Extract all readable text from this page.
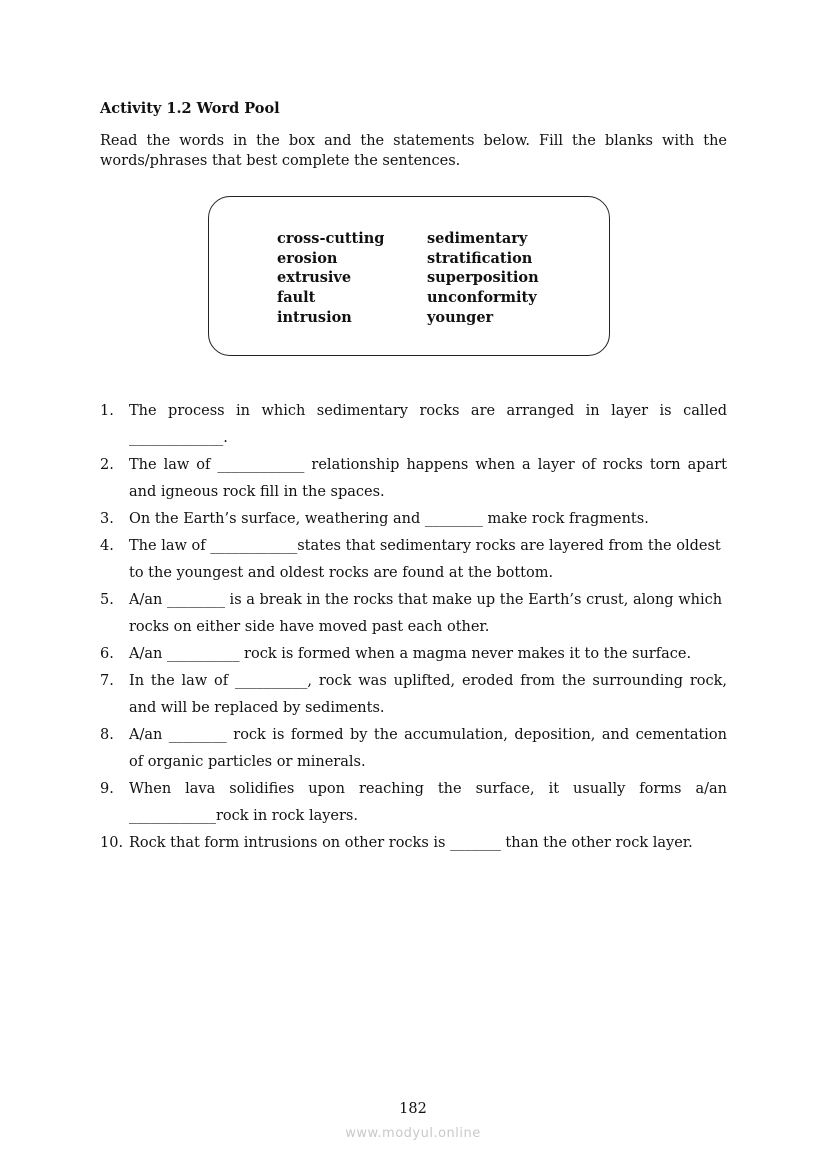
Activity 1.2 Word Pool
Read the words in the box and the statements below. Fill the blanks with the words/phrases that best complete the sentences.
cross-cutting
erosion
extrusive
fault
intrusion
sedimentary
stratification
superposition
unconformity
younger
1. The process in which sedimentary rocks are arranged in layer is called _____________.
2. The law of ____________ relationship happens when a layer of rocks torn apart and igneous rock fill in the spaces.
3. On the Earth’s surface, weathering and ________ make rock fragments.
4. The law of ____________states that sedimentary rocks are layered from the oldest to the youngest and oldest rocks are found at the bottom.
5. A/an ________ is a break in the rocks that make up the Earth’s crust, along which rocks on either side have moved past each other.
6. A/an __________ rock is formed when a magma never makes it to the surface.
7. In the law of __________, rock was uplifted, eroded from the surrounding rock, and will be replaced by sediments.
8. A/an ________ rock is formed by the accumulation, deposition, and cementation of organic particles or minerals.
9. When lava solidifies upon reaching the surface, it usually forms a/an ____________rock in rock layers.
10. Rock that form intrusions on other rocks is _______ than the other rock layer.
182
www.modyul.online
